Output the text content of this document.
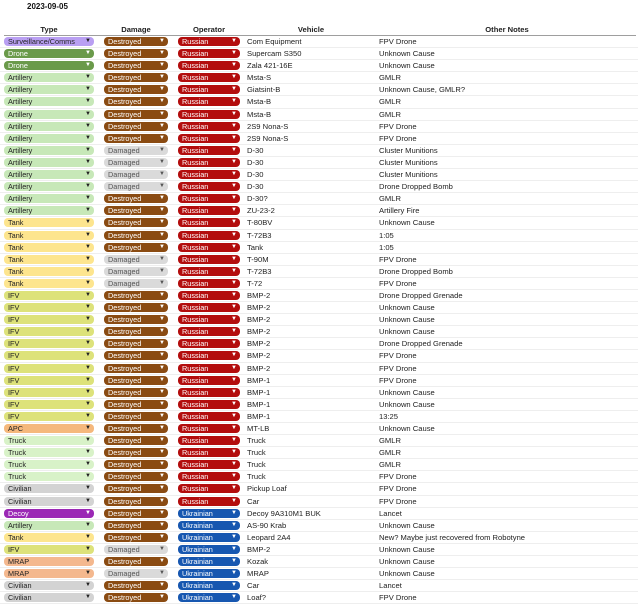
2023-09-05
Type	Damage	Operator	Vehicle	Other Notes
Surveillance/Comms ▼	Destroyed	▼	Russian	▼ Com Equipment	FPV Drone
Drone	▼	Destroyed	▼	Russian	▼ Supercam S350	Unknown Cause
Drone	▼	Destroyed	▼	Russian	▼ Zala 421-16E	Unknown Cause
Artillery	▼	Destroyed	▼	Russian	▼ Msta-S	GMLR
Artillery	▼	Destroyed	▼	Russian	▼ Giatsint-B	Unknown Cause, GMLR?
Artillery	▼	Destroyed	▼	Russian	▼ Msta-B	GMLR
Artillery	▼	Destroyed	▼	Russian	▼ Msta-B	GMLR
Artillery	▼	Destroyed	▼	Russian	▼ 2S9 Nona-S	FPV Drone
Artillery	▼	Destroyed	▼	Russian	▼ 2S9 Nona-S	FPV Drone
Artillery	▼	Damaged	▼	Russian	▼ D-30	Cluster Munitions
Artillery	▼	Damaged	▼	Russian	▼ D-30	Cluster Munitions
Artillery	▼	Damaged	▼	Russian	▼ D-30	Cluster Munitions
Artillery	▼	Damaged	▼	Russian	▼ D-30	Drone Dropped Bomb
Artillery	▼	Destroyed	▼	Russian	▼ D-30?	GMLR
Artillery	▼	Destroyed	▼	Russian	▼ ZU-23-2	Artillery Fire
Tank	▼	Destroyed	▼	Russian	▼ T-80BV	Unknown Cause
Tank	▼	Destroyed	▼	Russian	▼ T-72B3	1:05
Tank	▼	Destroyed	▼	Russian	▼ Tank	1:05
Tank	▼	Damaged	▼	Russian	▼ T-90M	FPV Drone
Tank	▼	Damaged	▼	Russian	▼ T-72B3	Drone Dropped Bomb
Tank	▼	Damaged	▼	Russian	▼ T-72	FPV Drone
IFV	▼	Destroyed	▼	Russian	▼ BMP-2	Drone Dropped Grenade
IFV	▼	Destroyed	▼	Russian	▼ BMP-2	Unknown Cause
IFV	▼	Destroyed	▼	Russian	▼ BMP-2	Unknown Cause
IFV	▼	Destroyed	▼	Russian	▼ BMP-2	Unknown Cause
IFV	▼	Destroyed	▼	Russian	▼ BMP-2	Drone Dropped Grenade
IFV	▼	Destroyed	▼	Russian	▼ BMP-2	FPV Drone
IFV	▼	Destroyed	▼	Russian	▼ BMP-2	FPV Drone
IFV	▼	Destroyed	▼	Russian	▼ BMP-1	FPV Drone
IFV	▼	Destroyed	▼	Russian	▼ BMP-1	Unknown Cause
IFV	▼	Destroyed	▼	Russian	▼ BMP-1	Unknown Cause
IFV	▼	Destroyed	▼	Russian	▼ BMP-1	13:25
APC	▼	Destroyed	▼	Russian	▼ MT-LB	Unknown Cause
Truck	▼	Destroyed	▼	Russian	▼ Truck	GMLR
Truck	▼	Destroyed	▼	Russian	▼ Truck	GMLR
Truck	▼	Destroyed	▼	Russian	▼ Truck	GMLR
Truck	▼	Destroyed	▼	Russian	▼ Truck	FPV Drone
Civilian	▼	Destroyed	▼	Russian	▼ Pickup Loaf	FPV Drone
Civilian	▼	Destroyed	▼	Russian	▼ Car	FPV Drone
Decoy	▼	Destroyed	▼	Ukrainian	▼ Decoy 9A310M1 BUK	Lancet
Artillery	▼	Destroyed	▼	Ukrainian	▼ AS-90 Krab	Unknown Cause
Tank	▼	Destroyed	▼	Ukrainian	▼ Leopard 2A4	New? Maybe just recovered from Robotyne
IFV	▼	Damaged	▼	Ukrainian	▼ BMP-2	Unknown Cause
MRAP	▼	Destroyed	▼	Ukrainian	▼ Kozak	Unknown Cause
MRAP	▼	Damaged	▼	Ukrainian	▼ MRAP	Unknown Cause
Civilian	▼	Destroyed	▼	Ukrainian	▼ Car	Lancet
Civilian	▼	Destroyed	▼	Ukrainian	▼ Loaf?	FPV Drone
